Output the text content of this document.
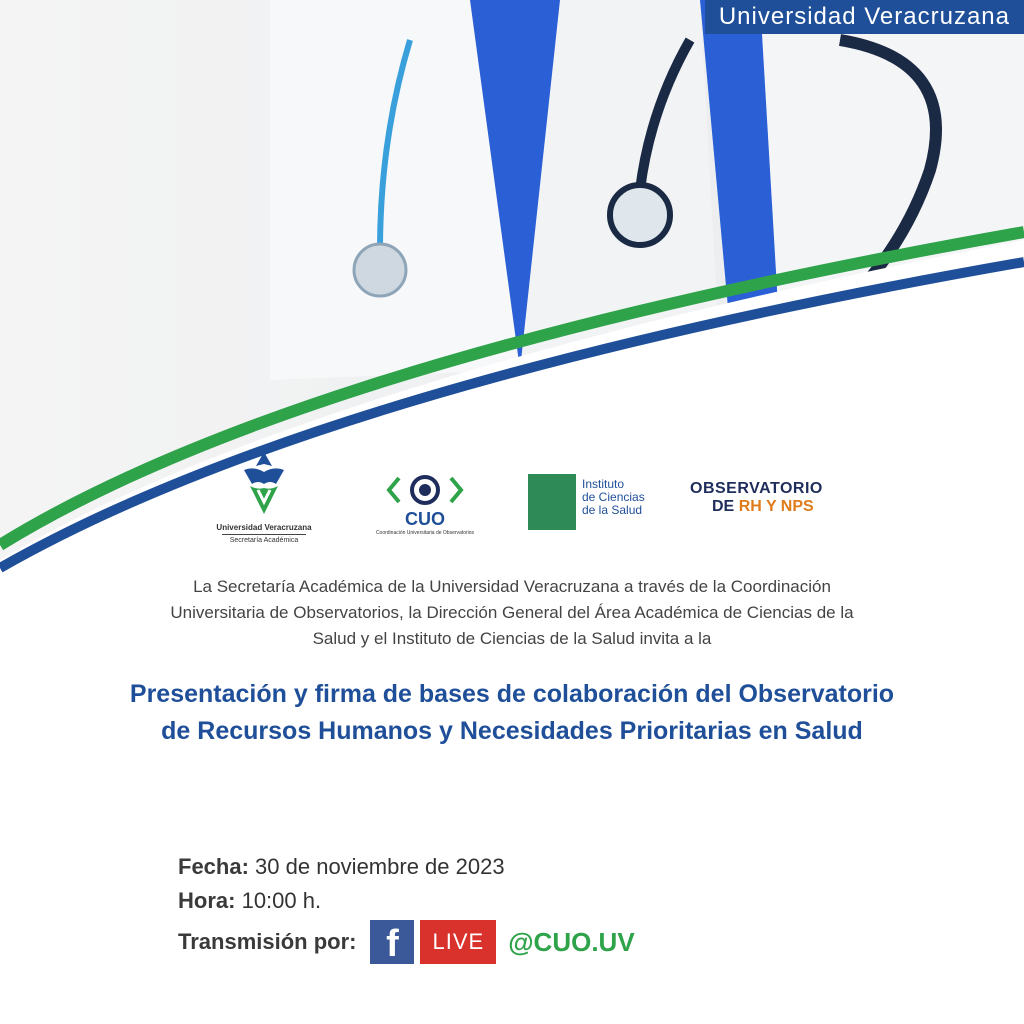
Universidad Veracruzana
Universidad Veracruzana
Secretaría Académica
CUO
Coordinación Universitaria de Observatorios
Instituto
de Ciencias
de la Salud
OBSERVATORIO
DE RH Y NPS
La Secretaría Académica de la Universidad Veracruzana a través de la Coordinación Universitaria de Observatorios, la Dirección General del Área Académica de Ciencias de la Salud y el Instituto de Ciencias de la Salud invita a la
Presentación y firma de bases de colaboración del Observatorio de Recursos Humanos y Necesidades Prioritarias en Salud
Fecha: 30 de noviembre de 2023
Hora: 10:00 h.
Transmisión por: f	LIVE @CUO.UV
